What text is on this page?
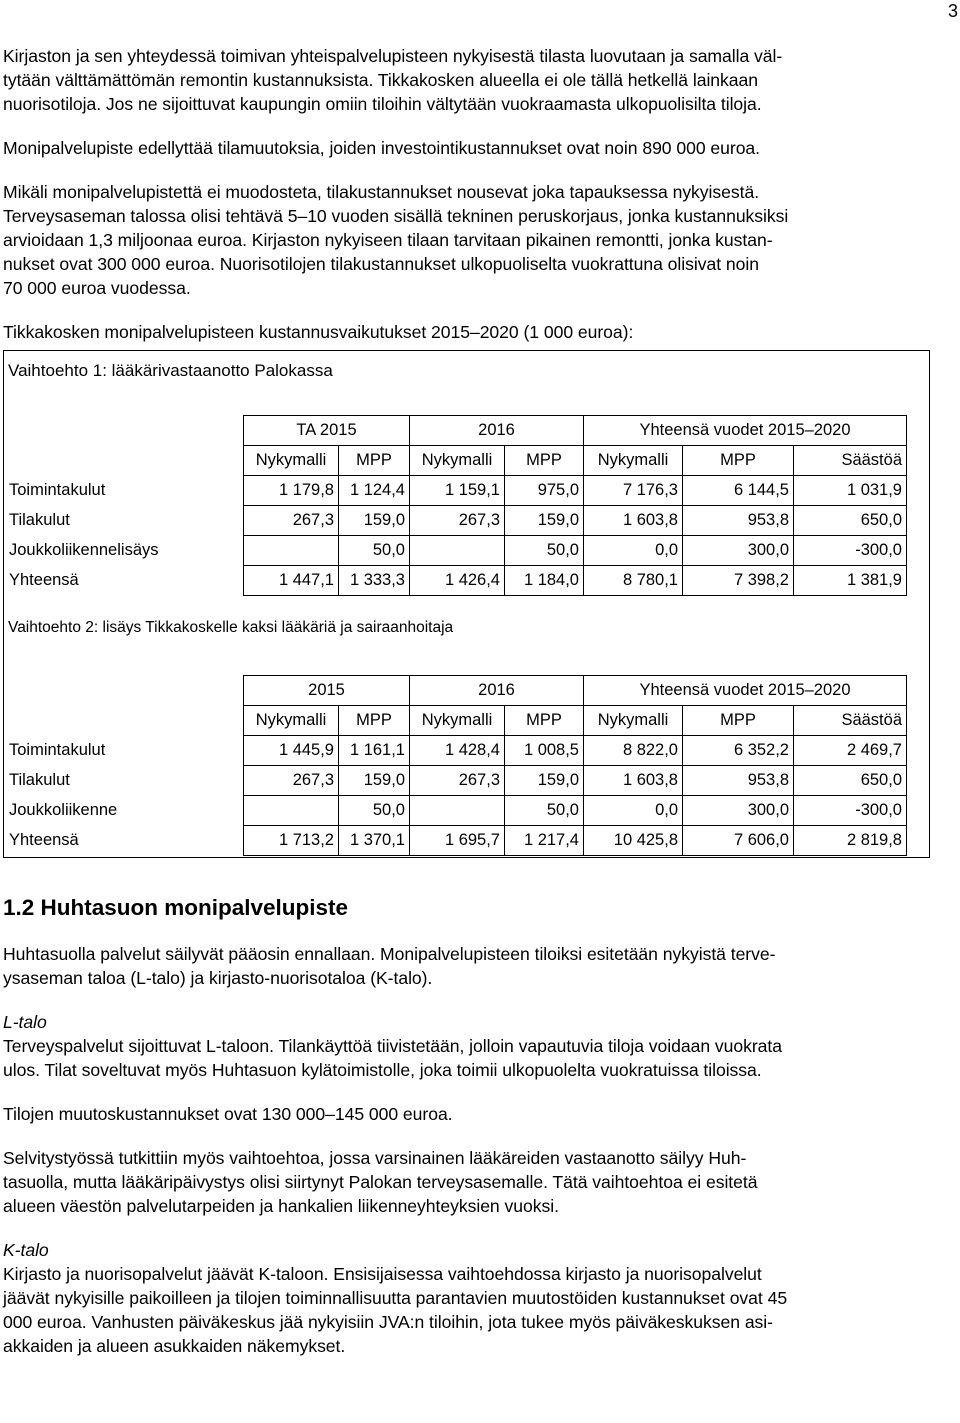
3

Kirjaston ja sen yhteydessä toimivan yhteispalvelupisteen nykyisestä tilasta luovutaan ja samalla väl-
tytään välttämättömän remontin kustannuksista. Tikkakosken alueella ei ole tällä hetkellä lainkaan
nuorisotiloja. Jos ne sijoittuvat kaupungin omiin tiloihin vältytään vuokraamasta ulkopuolisilta tiloja.

Monipalvelupiste edellyttää tilamuutoksia, joiden investointikustannukset ovat noin 890 000 euroa.

Mikäli monipalvelupistettä ei muodosteta, tilakustannukset nousevat joka tapauksessa nykyisestä.
Terveysaseman talossa olisi tehtävä 5–10 vuoden sisällä tekninen peruskorjaus, jonka kustannuksiksi
arvioidaan 1,3 miljoonaa euroa. Kirjaston nykyiseen tilaan tarvitaan pikainen remontti, jonka kustan-
nukset ovat 300 000 euroa. Nuorisotilojen tilakustannukset ulkopuoliselta vuokrattuna olisivat noin
70 000 euroa vuodessa.

Tikkakosken monipalvelupisteen kustannusvaikutukset 2015–2020 (1 000 euroa):

Vaihtoehto 1: lääkärivastaanotto Palokassa
	TA 2015		2016		Yhteensä vuodet 2015–2020		
	Nykymalli	MPP	Nykymalli	MPP	Nykymalli	MPP	Säästöä
Toimintakulut	1 179,8	1 124,4	1 159,1	975,0	7 176,3	6 144,5	1 031,9
Tilakulut	267,3	159,0	267,3	159,0	1 603,8	953,8	650,0
Joukkoliikennelisäys		50,0		50,0	0,0	300,0	-300,0
Yhteensä	1 447,1	1 333,3	1 426,4	1 184,0	8 780,1	7 398,2	1 381,9
Vaihtoehto 2: lisäys Tikkakoskelle kaksi lääkäriä ja sairaanhoitaja
	2015		2016		Yhteensä vuodet 2015–2020		
	Nykymalli	MPP	Nykymalli	MPP	Nykymalli	MPP	Säästöä
Toimintakulut	1 445,9	1 161,1	1 428,4	1 008,5	8 822,0	6 352,2	2 469,7
Tilakulut	267,3	159,0	267,3	159,0	1 603,8	953,8	650,0
Joukkoliikenne		50,0		50,0	0,0	300,0	-300,0
Yhteensä	1 713,2	1 370,1	1 695,7	1 217,4	10 425,8	7 606,0	2 819,8
1.2 Huhtasuon monipalvelupiste

Huhtasuolla palvelut säilyvät pääosin ennallaan. Monipalvelupisteen tiloiksi esitetään nykyistä terve-
ysaseman taloa (L-talo) ja kirjasto-nuorisotaloa (K-talo).

L-talo
Terveyspalvelut sijoittuvat L-taloon. Tilankäyttöä tiivistetään, jolloin vapautuvia tiloja voidaan vuokrata
ulos. Tilat soveltuvat myös Huhtasuon kylätoimistolle, joka toimii ulkopuolelta vuokratuissa tiloissa.

Tilojen muutoskustannukset ovat 130 000–145 000 euroa.

Selvitystyössä tutkittiin myös vaihtoehtoa, jossa varsinainen lääkäreiden vastaanotto säilyy Huh-
tasuolla, mutta lääkäripäivystys olisi siirtynyt Palokan terveysasemalle. Tätä vaihtoehtoa ei esitetä
alueen väestön palvelutarpeiden ja hankalien liikenneyhteyksien vuoksi.

K-talo
Kirjasto ja nuorisopalvelut jäävät K-taloon. Ensisijaisessa vaihtoehdossa kirjasto ja nuorisopalvelut
jäävät nykyisille paikoilleen ja tilojen toiminnallisuutta parantavien muutostöiden kustannukset ovat 45
000 euroa. Vanhusten päiväkeskus jää nykyisiin JVA:n tiloihin, jota tukee myös päiväkeskuksen asi-
akkaiden ja alueen asukkaiden näkemykset.
